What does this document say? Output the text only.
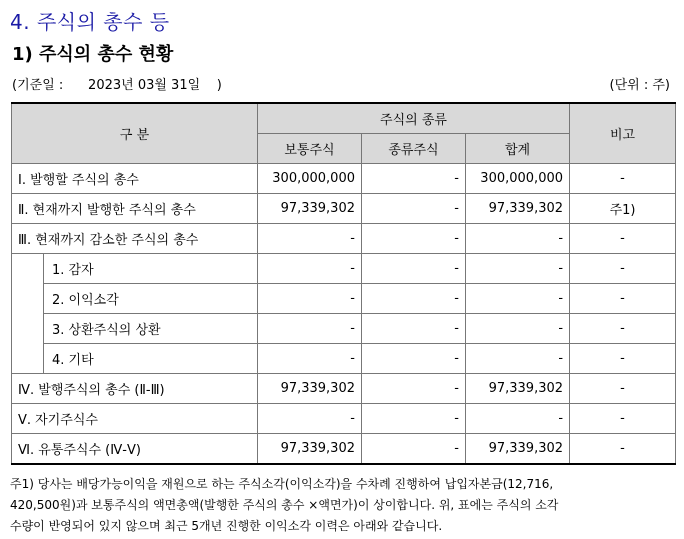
4. 주식의 총수 등
1) 주식의 총수 현황
(기준일 :      2023년 03월 31일    )	(단위 : 주)
구 분		주식의 종류			비고
		보통주식	종류주식	합계	
Ⅰ. 발행할 주식의 총수		300,000,000	-	300,000,000	-
Ⅱ. 현재까지 발행한 주식의 총수		97,339,302	-	97,339,302	주1)
Ⅲ. 현재까지 감소한 주식의 총수		-	-	-	-
	1. 감자	-	-	-	-
	2. 이익소각	-	-	-	-
	3. 상환주식의 상환	-	-	-	-
	4. 기타	-	-	-	-
Ⅳ. 발행주식의 총수 (Ⅱ-Ⅲ)		97,339,302	-	97,339,302	-
Ⅴ. 자기주식수		-	-	-	-
Ⅵ. 유통주식수 (Ⅳ-Ⅴ)		97,339,302	-	97,339,302	-
주1) 당사는 배당가능이익을 재원으로 하는 주식소각(이익소각)을 수차례 진행하여 납입자본금(12,716,
420,500원)과 보통주식의 액면총액(발행한 주식의 총수 ×액면가)이 상이합니다. 위, 표에는 주식의 소각
수량이 반영되어 있지 않으며 최근 5개년 진행한 이익소각 이력은 아래와 같습니다.
